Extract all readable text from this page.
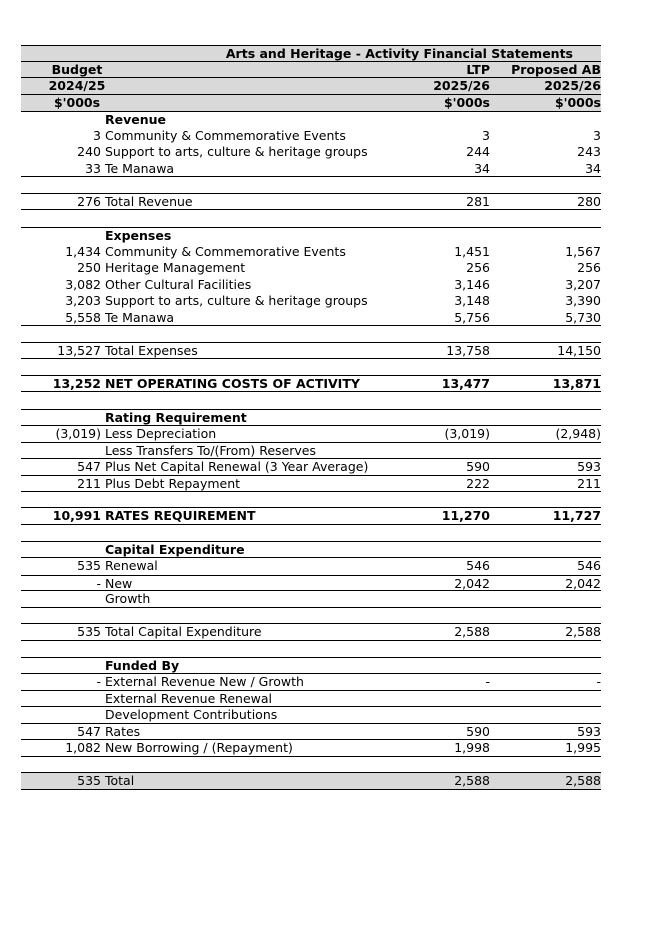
Arts and Heritage - Activity Financial Statements
Budget	LTP	Proposed AB
2024/25	2025/26	2025/26
$'000s	$'000s	$'000s
Revenue
3 Community & Commemorative Events	3	3
240 Support to arts, culture & heritage groups	244	243
33 Te Manawa	34	34
276 Total Revenue	281	280
Expenses
1,434 Community & Commemorative Events	1,451	1,567
250 Heritage Management	256	256
3,082 Other Cultural Facilities	3,146	3,207
3,203 Support to arts, culture & heritage groups	3,148	3,390
5,558 Te Manawa	5,756	5,730
13,527 Total Expenses	13,758	14,150
13,252 NET OPERATING COSTS OF ACTIVITY	13,477	13,871
Rating Requirement
(3,019) Less Depreciation	(3,019)	(2,948)
Less Transfers To/(From) Reserves
547 Plus Net Capital Renewal (3 Year Average)	590	593
211 Plus Debt Repayment	222	211
10,991 RATES REQUIREMENT	11,270	11,727
Capital Expenditure
535 Renewal	546	546
- New	2,042	2,042
Growth
535 Total Capital Expenditure	2,588	2,588
Funded By
- External Revenue New / Growth	-	-
External Revenue Renewal
Development Contributions
547 Rates	590	593
1,082 New Borrowing / (Repayment)	1,998	1,995
535 Total	2,588	2,588
